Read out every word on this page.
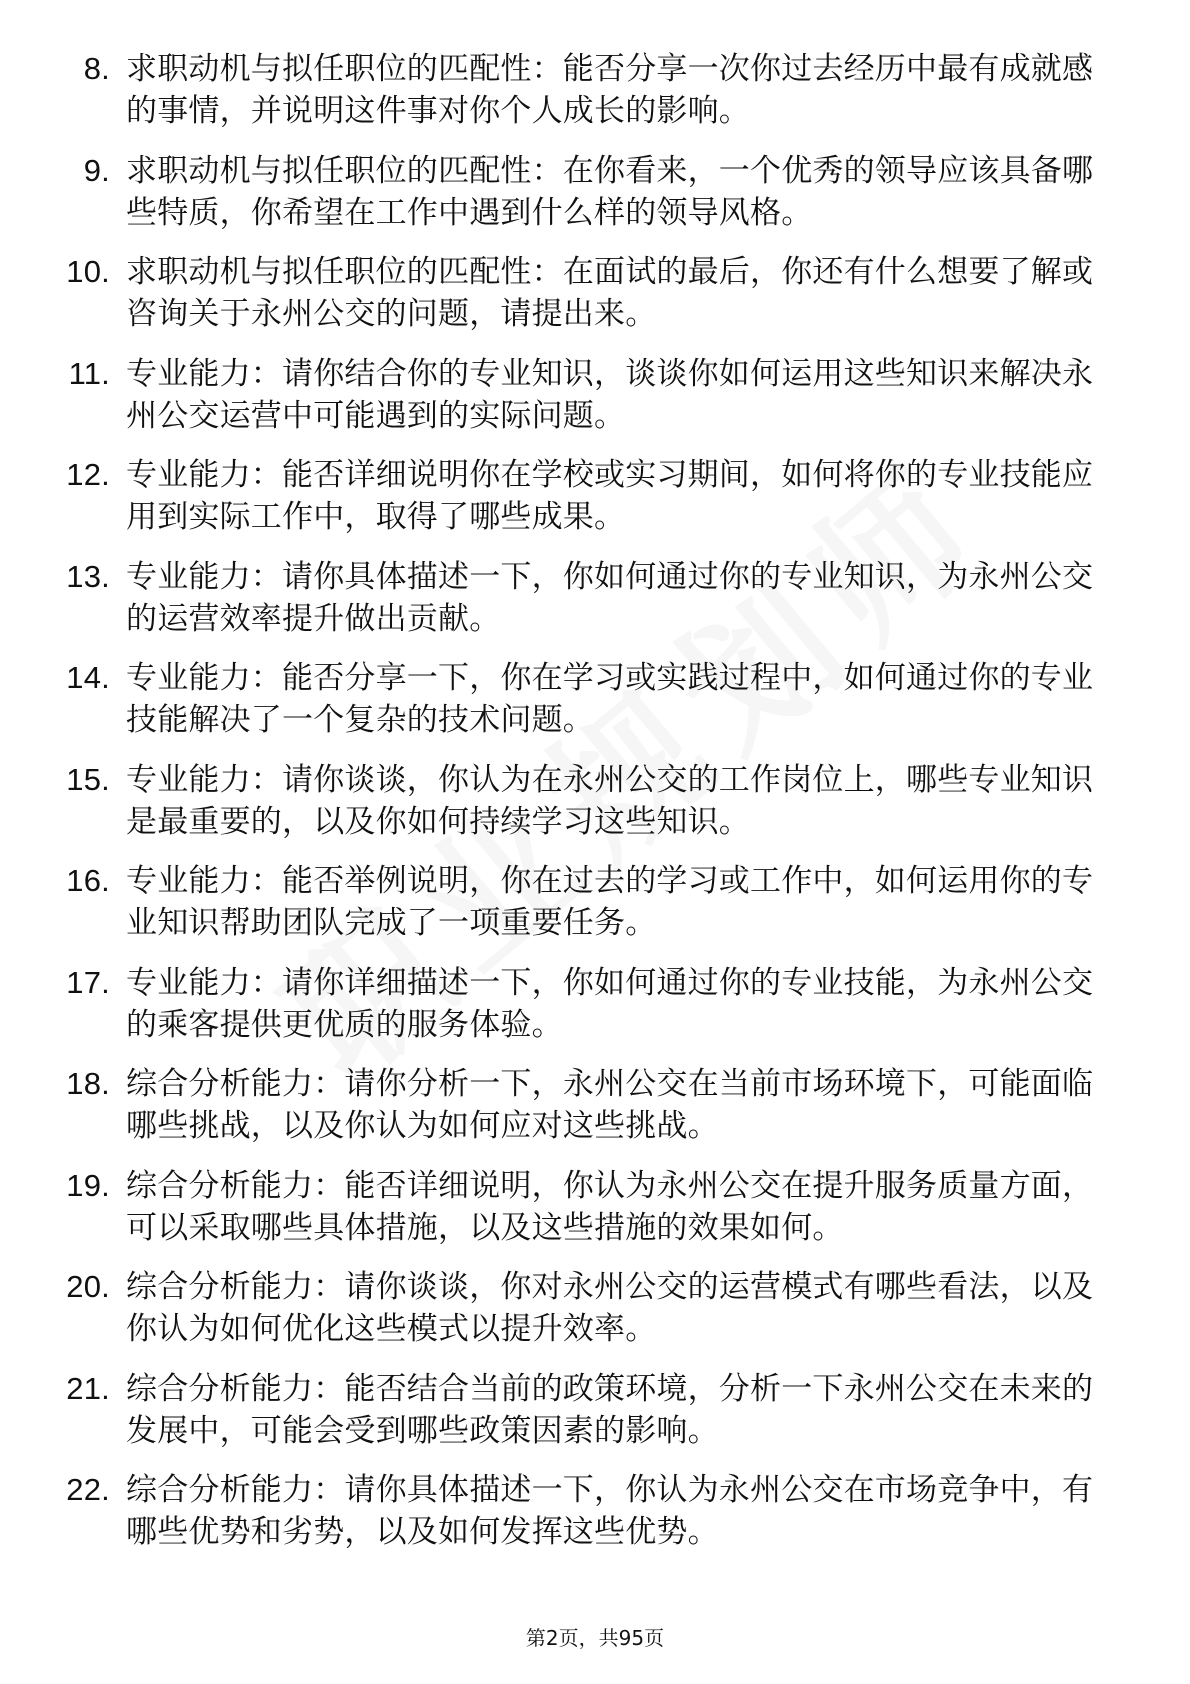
8. 求职动机与拟任职位的匹配性：能否分享一次你过去经历中最有成就感的事情，并说明这件事对你个人成长的影响。
9. 求职动机与拟任职位的匹配性：在你看来，一个优秀的领导应该具备哪些特质，你希望在工作中遇到什么样的领导风格。
10. 求职动机与拟任职位的匹配性：在面试的最后，你还有什么想要了解或咨询关于永州公交的问题，请提出来。
11. 专业能力：请你结合你的专业知识，谈谈你如何运用这些知识来解决永州公交运营中可能遇到的实际问题。
12. 专业能力：能否详细说明你在学校或实习期间，如何将你的专业技能应用到实际工作中，取得了哪些成果。
13. 专业能力：请你具体描述一下，你如何通过你的专业知识，为永州公交的运营效率提升做出贡献。
14. 专业能力：能否分享一下，你在学习或实践过程中，如何通过你的专业技能解决了一个复杂的技术问题。
15. 专业能力：请你谈谈，你认为在永州公交的工作岗位上，哪些专业知识是最重要的，以及你如何持续学习这些知识。
16. 专业能力：能否举例说明，你在过去的学习或工作中，如何运用你的专业知识帮助团队完成了一项重要任务。
17. 专业能力：请你详细描述一下，你如何通过你的专业技能，为永州公交的乘客提供更优质的服务体验。
18. 综合分析能力：请你分析一下，永州公交在当前市场环境下，可能面临哪些挑战，以及你认为如何应对这些挑战。
19. 综合分析能力：能否详细说明，你认为永州公交在提升服务质量方面，可以采取哪些具体措施，以及这些措施的效果如何。
20. 综合分析能力：请你谈谈，你对永州公交的运营模式有哪些看法，以及你认为如何优化这些模式以提升效率。
21. 综合分析能力：能否结合当前的政策环境，分析一下永州公交在未来的发展中，可能会受到哪些政策因素的影响。
22. 综合分析能力：请你具体描述一下，你认为永州公交在市场竞争中，有哪些优势和劣势，以及如何发挥这些优势。
第2页，共95页
